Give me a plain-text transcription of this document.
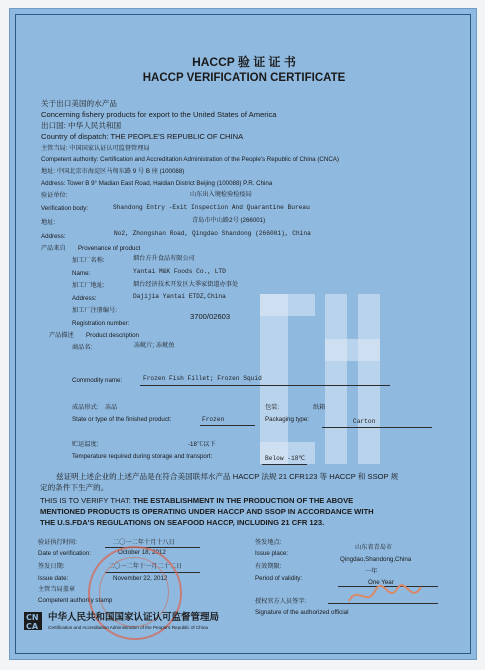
HACCP 验 证 证 书
HACCP VERIFICATION CERTIFICATE
关于出口美国的水产品
Concerning fishery products for export to the United States of America
出口国: 中华人民共和国
Country of dispatch: THE PEOPLE'S REPUBLIC OF CHINA
主管当局: 中国国家认证认可监督管理局
Competent authority: Certification and Accreditation Administration of the People's Republic of China (CNCA)
地址: 中国北京市海淀区马甸东路 9 号 B 座 (100088)
Address: Tower B 9° Madian East Road, Haidian District Beijing (100088) P.R. China
验证单位:	山东出入境检验检疫局
Verification body:	Shandong Entry -Exit Inspection And Quarantine Bureau
地址:	青岛市中山路2号 (266001)
Address:	No2, Zhongshan Road, Qingdao Shandong (266001), China
产品来自 Provenance of product
加工厂名称:	烟台方升食品有限公司
Name:	Yantai M&K Foods Co., LTD
加工厂地址:	烟台经济技术开发区大季家街道办事处
Address:	Dajijia Yantai ETDZ,China
加工厂注册编号:
3700/02603
Registration number:
产品描述 Product description
商品名:	冻鱿片; 冻鱿鱼
Commodity name:	Frozen Fish Fillet; Frozen Squid
成品形式: 冻品
State or type of the finished product:	Frozen
包装:	纸箱
Packaging type:	Carton
贮运温度:	-18℃以下
Temperature required during storage and transport:	Below -18℃
兹证明上述企业的上述产品是在符合美国联邦水产品 HACCP 法规 21 CFR123 等 HACCP 和 SSOP 规
定的条件下生产的。
THIS IS TO VERIFY THAT: THE ESTABLISHMENT IN THE PRODUCTION OF THE ABOVE
MENTIONED PRODUCTS IS OPERATING UNDER HACCP AND SSOP IN ACCORDANCE WITH
THE U.S.FDA'S REGULATIONS ON SEAFOOD HACCP, INCLUDING 21 CFR 123.
验证执行时间:	二〇一二年十月十八日
Date of verification:	October 18, 2012
签发日期:	二〇一二年十一月二十二日
Issue date:	November 22, 2012
主管当局盖章
Competent authority stamp
签发地点:
山东省青岛市
Issue place:
Qingdao,Shandong,China
有效期限:
一年
Period of validity:
One Year
授权官方人员签字:
Signature of the authorized official
CN CA
中华人民共和国国家认证认可监督管理局
Certification and Accreditation Administration of the People's Republic of China
